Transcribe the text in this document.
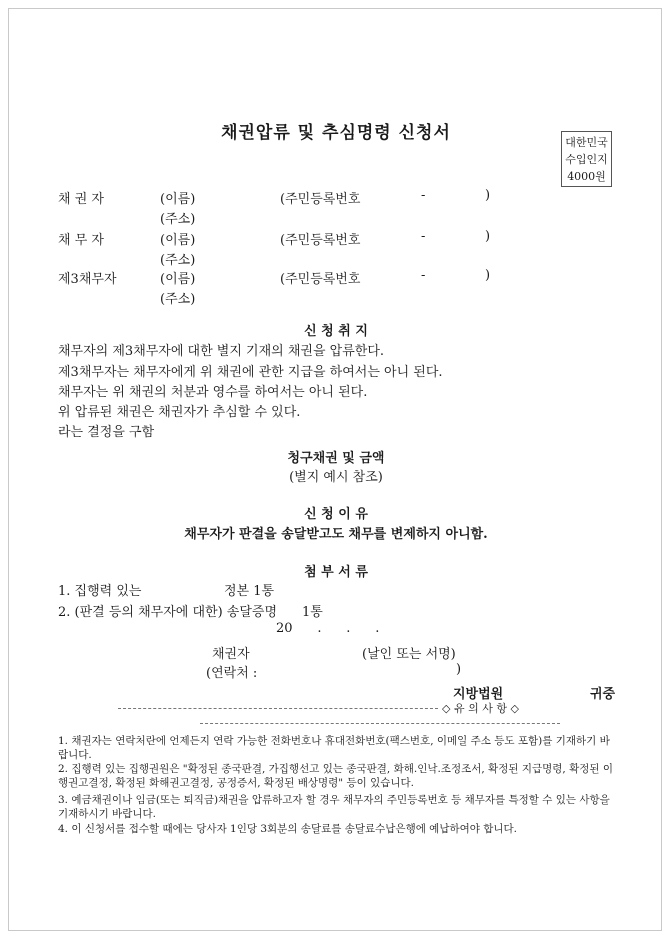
채권압류 및 추심명령 신청서	대한민국
수입인지
4000원
채 권 자	(이름)	(주민등록번호	-	)
(주소)
채 무 자	(이름)	(주민등록번호	-	)
(주소)
제3채무자	(이름)	(주민등록번호	-	)
(주소)
신 청 취 지
채무자의 제3채무자에 대한 별지 기재의 채권을 압류한다.
제3채무자는 채무자에게 위 채권에 관한 지급을 하여서는 아니 된다.
채무자는 위 채권의 처분과 영수를 하여서는 아니 된다.
위 압류된 채권은 채권자가 추심할 수 있다.
라는 결정을 구함
청구채권 및 금액
(별지 예시 참조)
신 청 이 유
채무자가 판결을 송달받고도 채무를 변제하지 아니함.
첨 부 서 류
1. 집행력 있는	정본 1통
2. (판결 등의 채무자에 대한) 송달증명 1통
20      .      .      .
채권자	(날인 또는 서명)
(연락처 :	)
지방법원	귀중
◇ 유 의 사 항 ◇
1. 채권자는 연락처란에 언제든지 연락 가능한 전화번호나 휴대전화번호(팩스번호, 이메일 주소 등도 포함)를 기재하기 바랍니다.
2. 집행력 있는 집행권원은 "확정된 종국판결, 가집행선고 있는 종국판결, 화해.인낙.조정조서, 확정된 지급명령, 확정된 이행권고결정, 확정된 화해권고결정, 공정증서, 확정된 배상명령" 등이 있습니다.
3. 예금채권이나 임금(또는 퇴직금)채권을 압류하고자 할 경우 채무자의 주민등록번호 등 채무자를 특정할 수 있는 사항을 기재하시기 바랍니다.
4. 이 신청서를 접수할 때에는 당사자 1인당 3회분의 송달료를 송달료수납은행에 예납하여야 합니다.
